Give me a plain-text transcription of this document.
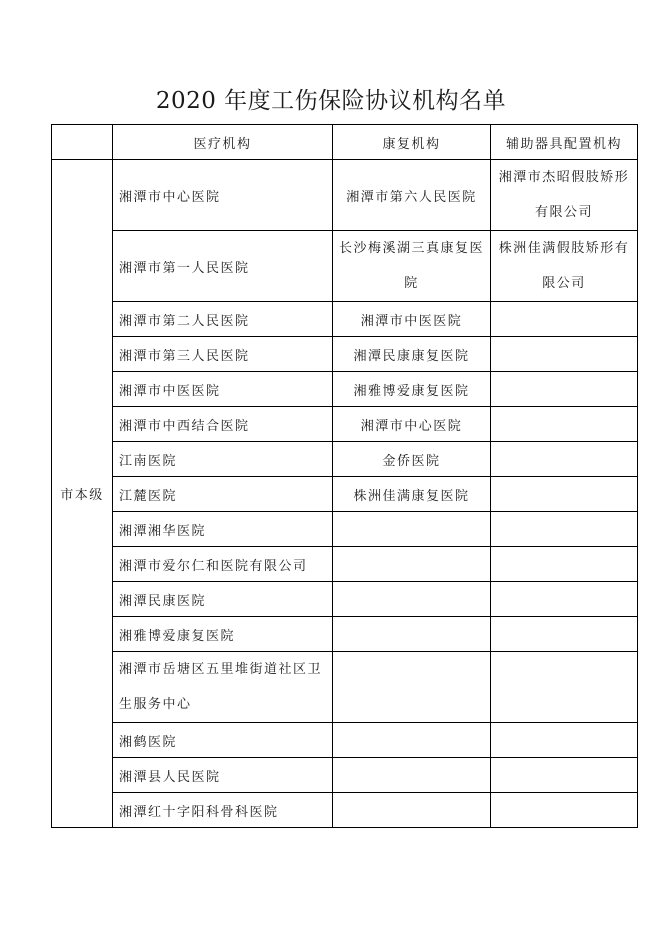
2020 年度工伤保险协议机构名单
	医疗机构	康复机构	辅助器具配置机构
市本级	湘潭市中心医院	湘潭市第六人民医院	湘潭市杰昭假肢矫形有限公司
	湘潭市第一人民医院	长沙梅溪湖三真康复医院	株洲佳满假肢矫形有限公司
	湘潭市第二人民医院	湘潭市中医医院	
	湘潭市第三人民医院	湘潭民康康复医院	
	湘潭市中医医院	湘雅博爱康复医院	
	湘潭市中西结合医院	湘潭市中心医院	
	江南医院	金侨医院	
	江麓医院	株洲佳满康复医院	
	湘潭湘华医院		
	湘潭市爱尔仁和医院有限公司		
	湘潭民康医院		
	湘雅博爱康复医院		
	湘潭市岳塘区五里堆街道社区卫生服务中心		
	湘鹤医院		
	湘潭县人民医院		
	湘潭红十字阳科骨科医院		
